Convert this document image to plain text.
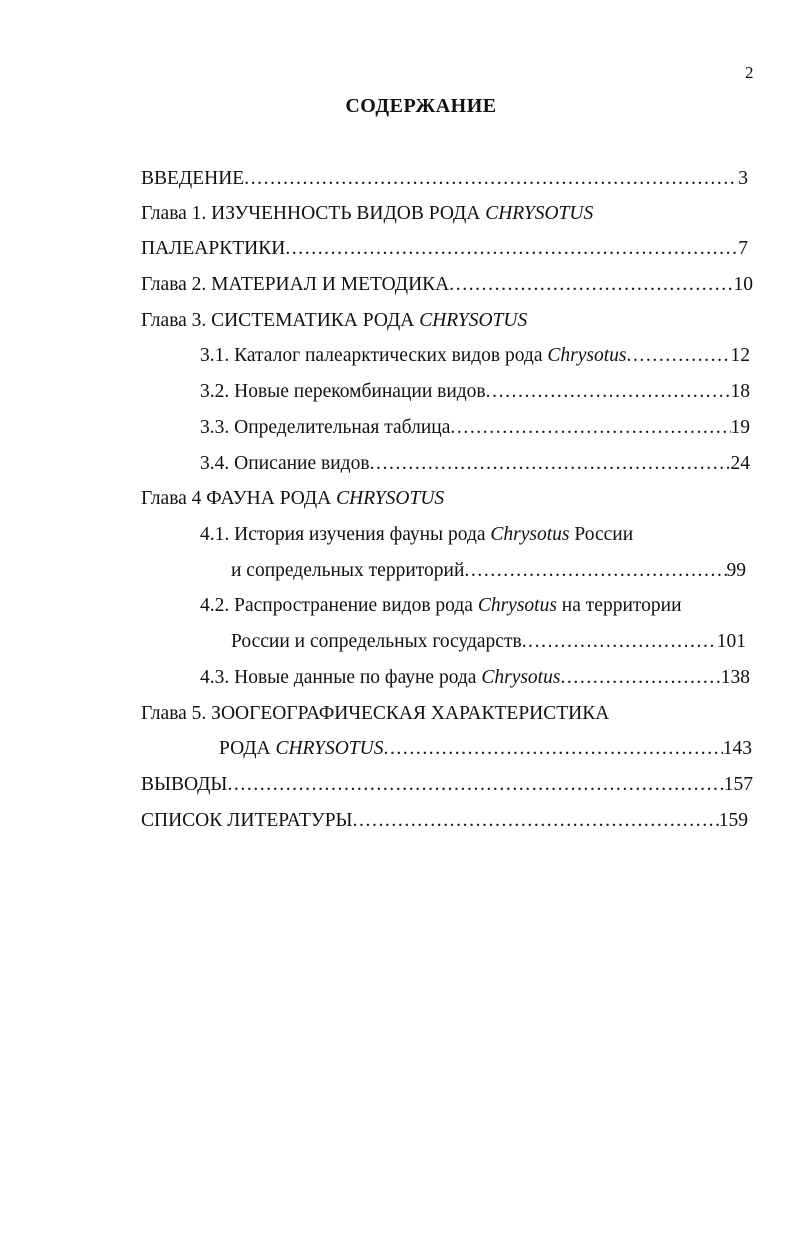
2
СОДЕРЖАНИЕ
ВВЕДЕНИЕ .....	3
Глава 1. ИЗУЧЕННОСТЬ ВИДОВ РОДА CHRYSOTUS
ПАЛЕАРКТИКИ .....	7
Глава 2. МАТЕРИАЛ И МЕТОДИКА .....	10
Глава 3. СИСТЕМАТИКА РОДА CHRYSOTUS
3.1. Каталог палеарктических видов рода Chrysotus .....	12
3.2. Новые перекомбинации видов .....	18
3.3. Определительная таблица .....	19
3.4. Описание видов .....	24
Глава 4 ФАУНА РОДА CHRYSOTUS
4.1. История изучения фауны рода Chrysotus России
и сопредельных территорий .....	99
4.2. Распространение видов рода Chrysotus на территории
России и сопредельных государств .....	101
4.3. Новые данные по фауне рода Chrysotus .....	138
Глава 5. ЗООГЕОГРАФИЧЕСКАЯ ХАРАКТЕРИСТИКА
РОДА CHRYSOTUS .....	143
ВЫВОДЫ .....	157
СПИСОК ЛИТЕРАТУРЫ .....	159
